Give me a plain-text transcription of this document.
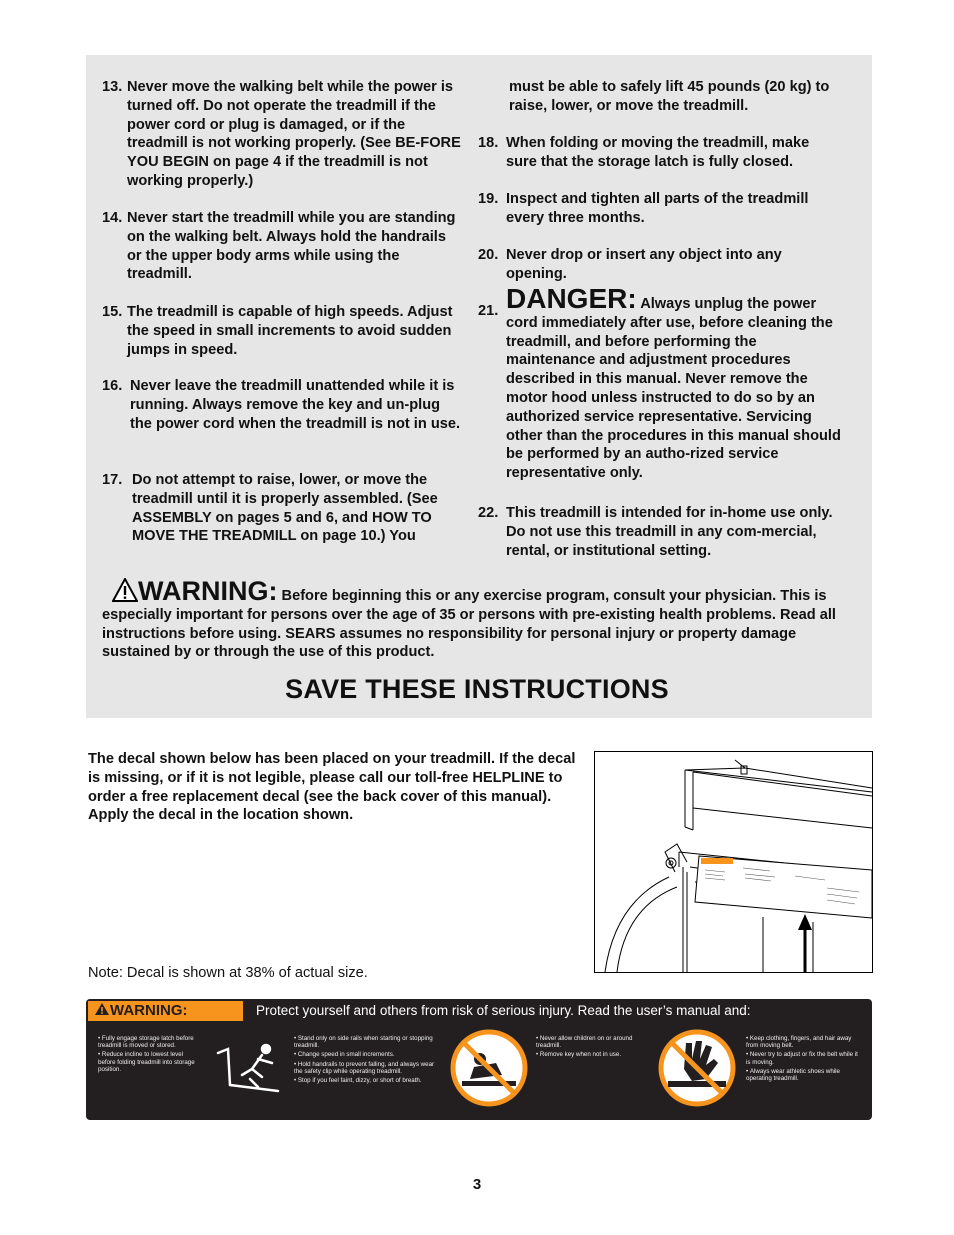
13. Never move the walking belt while the power is turned off. Do not operate the treadmill if the power cord or plug is damaged, or if the treadmill is not working properly. (See BE-FORE YOU BEGIN on page 4 if the treadmill is not working properly.)
14. Never start the treadmill while you are standing on the walking belt. Always hold the handrails or the upper body arms while using the treadmill.
15. The treadmill is capable of high speeds. Adjust the speed in small increments to avoid sudden jumps in speed.
16. Never leave the treadmill unattended while it is running. Always remove the key and un-plug the power cord when the treadmill is not in use.
17. Do not attempt to raise, lower, or move the treadmill until it is properly assembled. (See ASSEMBLY on pages 5 and 6, and HOW TO MOVE THE TREADMILL on page 10.) You
must be able to safely lift 45 pounds (20 kg) to raise, lower, or move the treadmill.
18. When folding or moving the treadmill, make sure that the storage latch is fully closed.
19. Inspect and tighten all parts of the treadmill every three months.
20. Never drop or insert any object into any opening.
21. DANGER: Always unplug the power cord immediately after use, before cleaning the treadmill, and before performing the maintenance and adjustment procedures described in this manual. Never remove the motor hood unless instructed to do so by an authorized service representative. Servicing other than the procedures in this manual should be performed by an autho-rized service representative only.
22. This treadmill is intended for in-home use only. Do not use this treadmill in any com-mercial, rental, or institutional setting.
WARNING: Before beginning this or any exercise program, consult your physician. This is especially important for persons over the age of 35 or persons with pre-existing health problems. Read all instructions before using. SEARS assumes no responsibility for personal injury or property damage sustained by or through the use of this product.
SAVE THESE INSTRUCTIONS
The decal shown below has been placed on your treadmill. If the decal is missing, or if it is not legible, please call our toll-free HELPLINE to order a free replacement decal (see the back cover of this manual). Apply the decal in the location shown.
Note: Decal is shown at 38% of actual size.
WARNING:	Protect yourself and others from risk of serious injury. Read the user’s manual and:
• Fully engage storage latch before treadmill is moved or stored.
• Reduce incline to lowest level before folding treadmill into storage position.
• Stand only on side rails when starting or stopping treadmill.
• Change speed in small increments.
• Hold handrails to prevent falling, and always wear the safety clip while operating treadmill.
• Stop if you feel faint, dizzy, or short of breath.
• Never allow children on or around treadmill.
• Remove key when not in use.
• Keep clothing, fingers, and hair away from moving belt.
• Never try to adjust or fix the belt while it is moving.
• Always wear athletic shoes while operating treadmill.
3
